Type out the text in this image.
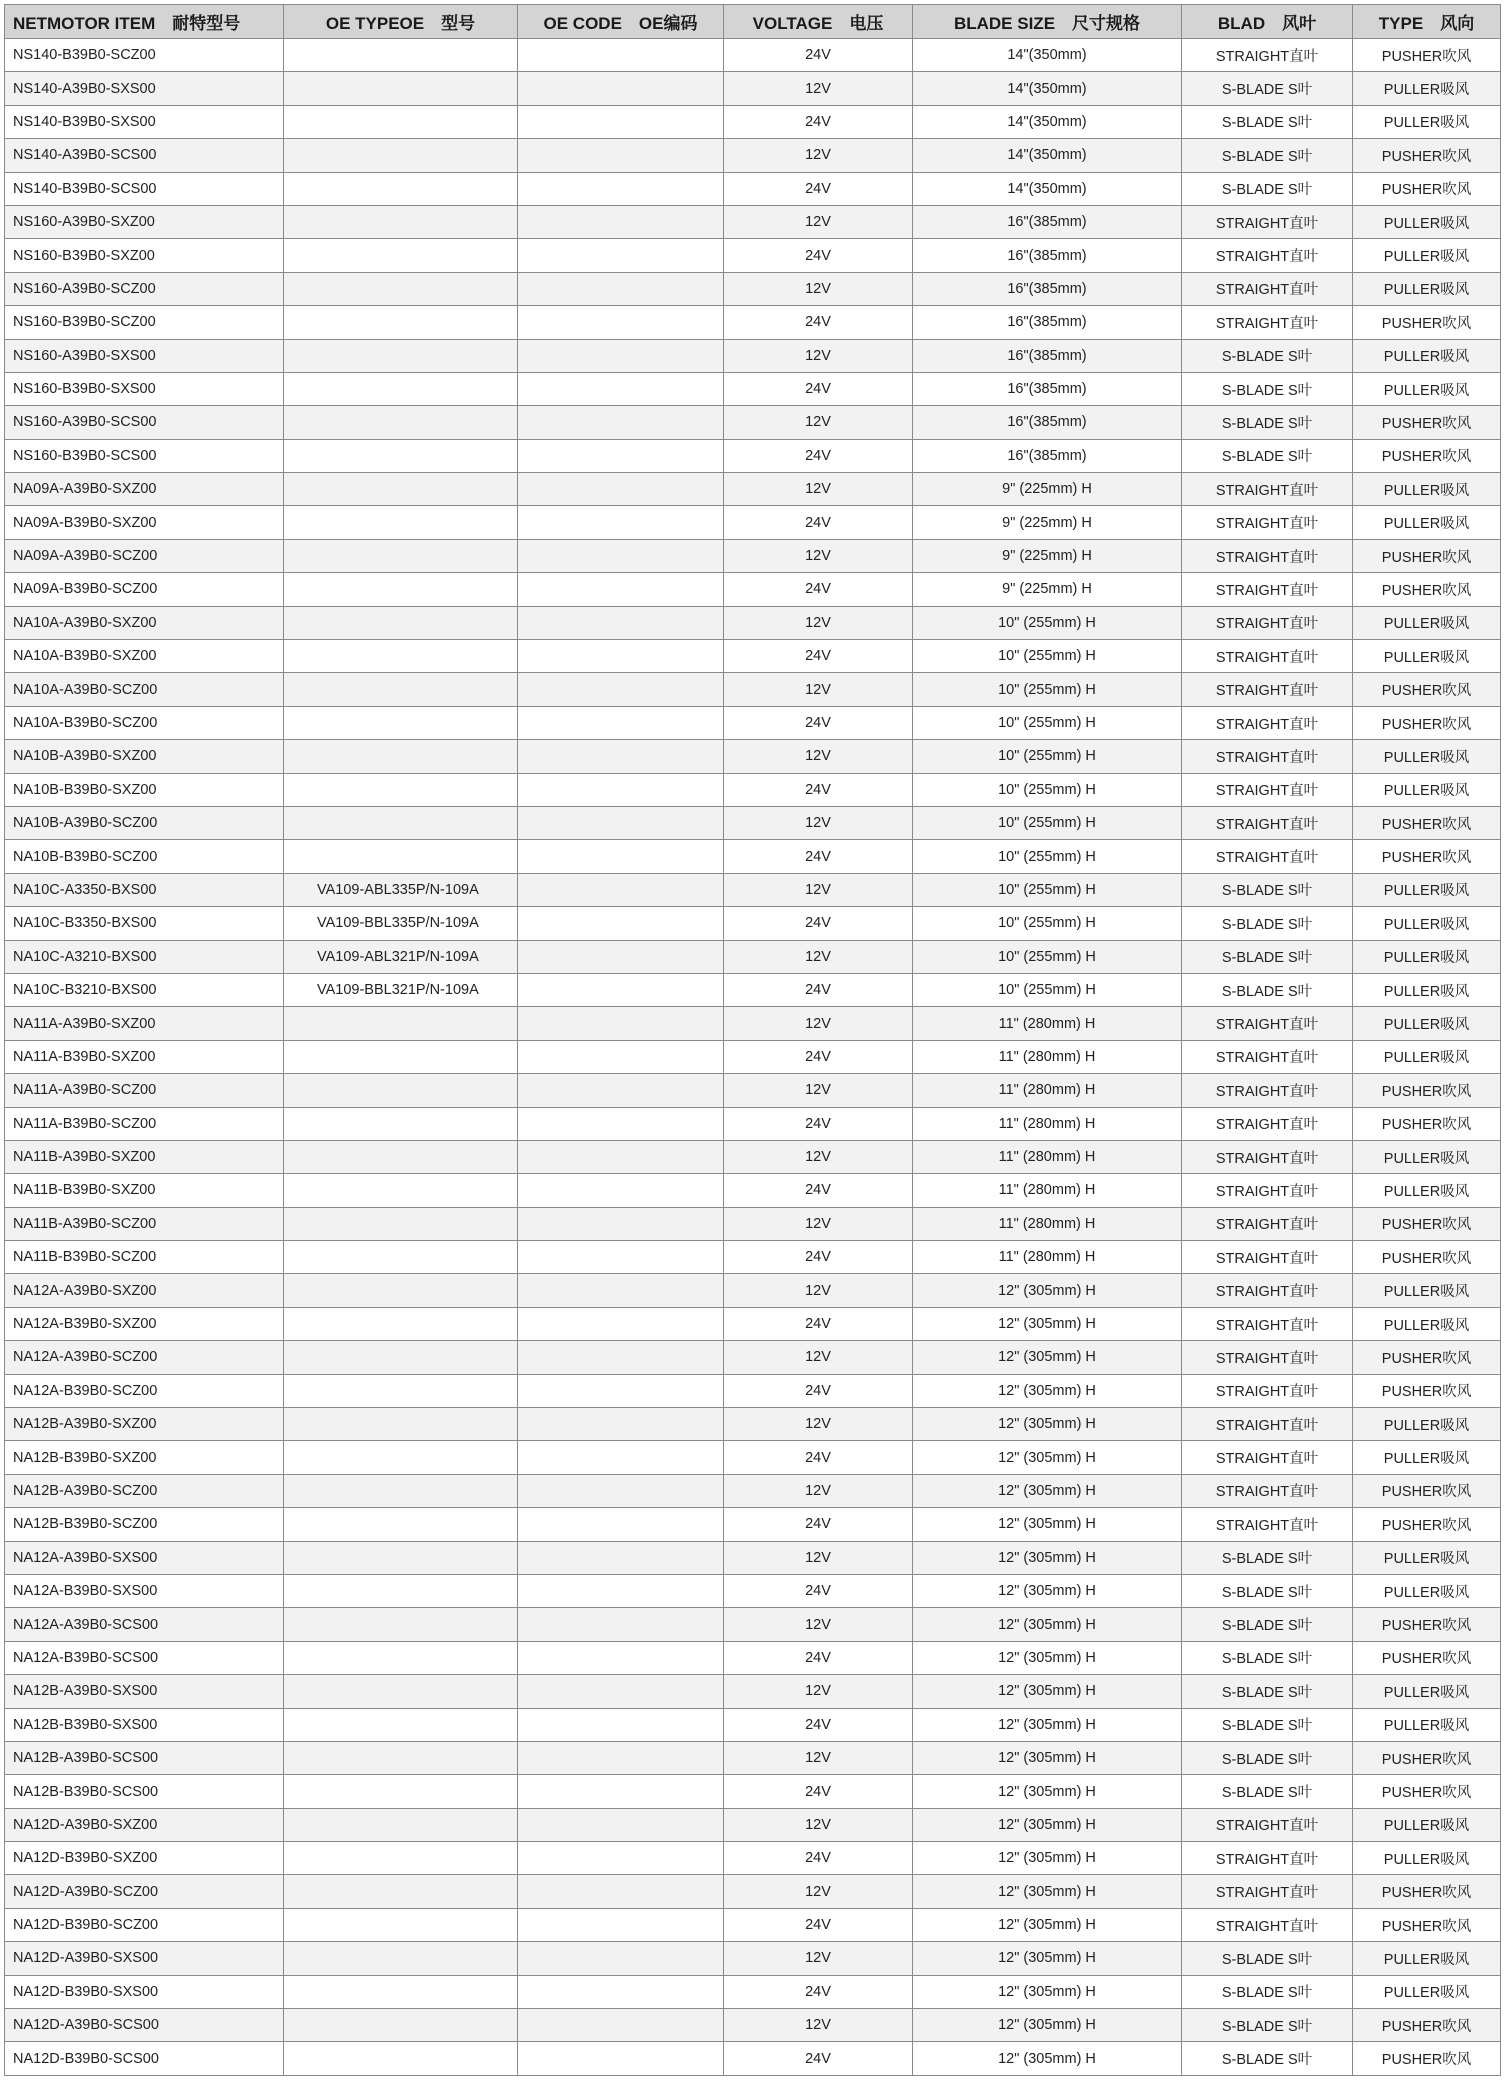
NETMOTOR ITEM　耐特型号	OE TYPEOE　型号	OE CODE　OE编码	VOLTAGE　电压	BLADE SIZE　尺寸规格	BLAD　风叶	TYPE　风向
NS140-B39B0-SCZ00			24V	14"(350mm)	STRAIGHT直叶	PUSHER吹风
NS140-A39B0-SXS00			12V	14"(350mm)	S-BLADE S叶	PULLER吸风
NS140-B39B0-SXS00			24V	14"(350mm)	S-BLADE S叶	PULLER吸风
NS140-A39B0-SCS00			12V	14"(350mm)	S-BLADE S叶	PUSHER吹风
NS140-B39B0-SCS00			24V	14"(350mm)	S-BLADE S叶	PUSHER吹风
NS160-A39B0-SXZ00			12V	16"(385mm)	STRAIGHT直叶	PULLER吸风
NS160-B39B0-SXZ00			24V	16"(385mm)	STRAIGHT直叶	PULLER吸风
NS160-A39B0-SCZ00			12V	16"(385mm)	STRAIGHT直叶	PULLER吸风
NS160-B39B0-SCZ00			24V	16"(385mm)	STRAIGHT直叶	PUSHER吹风
NS160-A39B0-SXS00			12V	16"(385mm)	S-BLADE S叶	PULLER吸风
NS160-B39B0-SXS00			24V	16"(385mm)	S-BLADE S叶	PULLER吸风
NS160-A39B0-SCS00			12V	16"(385mm)	S-BLADE S叶	PUSHER吹风
NS160-B39B0-SCS00			24V	16"(385mm)	S-BLADE S叶	PUSHER吹风
NA09A-A39B0-SXZ00			12V	9" (225mm) H	STRAIGHT直叶	PULLER吸风
NA09A-B39B0-SXZ00			24V	9" (225mm) H	STRAIGHT直叶	PULLER吸风
NA09A-A39B0-SCZ00			12V	9" (225mm) H	STRAIGHT直叶	PUSHER吹风
NA09A-B39B0-SCZ00			24V	9" (225mm) H	STRAIGHT直叶	PUSHER吹风
NA10A-A39B0-SXZ00			12V	10" (255mm) H	STRAIGHT直叶	PULLER吸风
NA10A-B39B0-SXZ00			24V	10" (255mm) H	STRAIGHT直叶	PULLER吸风
NA10A-A39B0-SCZ00			12V	10" (255mm) H	STRAIGHT直叶	PUSHER吹风
NA10A-B39B0-SCZ00			24V	10" (255mm) H	STRAIGHT直叶	PUSHER吹风
NA10B-A39B0-SXZ00			12V	10" (255mm) H	STRAIGHT直叶	PULLER吸风
NA10B-B39B0-SXZ00			24V	10" (255mm) H	STRAIGHT直叶	PULLER吸风
NA10B-A39B0-SCZ00			12V	10" (255mm) H	STRAIGHT直叶	PUSHER吹风
NA10B-B39B0-SCZ00			24V	10" (255mm) H	STRAIGHT直叶	PUSHER吹风
NA10C-A3350-BXS00	VA109-ABL335P/N-109A		12V	10" (255mm) H	S-BLADE S叶	PULLER吸风
NA10C-B3350-BXS00	VA109-BBL335P/N-109A		24V	10" (255mm) H	S-BLADE S叶	PULLER吸风
NA10C-A3210-BXS00	VA109-ABL321P/N-109A		12V	10" (255mm) H	S-BLADE S叶	PULLER吸风
NA10C-B3210-BXS00	VA109-BBL321P/N-109A		24V	10" (255mm) H	S-BLADE S叶	PULLER吸风
NA11A-A39B0-SXZ00			12V	11" (280mm) H	STRAIGHT直叶	PULLER吸风
NA11A-B39B0-SXZ00			24V	11" (280mm) H	STRAIGHT直叶	PULLER吸风
NA11A-A39B0-SCZ00			12V	11" (280mm) H	STRAIGHT直叶	PUSHER吹风
NA11A-B39B0-SCZ00			24V	11" (280mm) H	STRAIGHT直叶	PUSHER吹风
NA11B-A39B0-SXZ00			12V	11" (280mm) H	STRAIGHT直叶	PULLER吸风
NA11B-B39B0-SXZ00			24V	11" (280mm) H	STRAIGHT直叶	PULLER吸风
NA11B-A39B0-SCZ00			12V	11" (280mm) H	STRAIGHT直叶	PUSHER吹风
NA11B-B39B0-SCZ00			24V	11" (280mm) H	STRAIGHT直叶	PUSHER吹风
NA12A-A39B0-SXZ00			12V	12" (305mm) H	STRAIGHT直叶	PULLER吸风
NA12A-B39B0-SXZ00			24V	12" (305mm) H	STRAIGHT直叶	PULLER吸风
NA12A-A39B0-SCZ00			12V	12" (305mm) H	STRAIGHT直叶	PUSHER吹风
NA12A-B39B0-SCZ00			24V	12" (305mm) H	STRAIGHT直叶	PUSHER吹风
NA12B-A39B0-SXZ00			12V	12" (305mm) H	STRAIGHT直叶	PULLER吸风
NA12B-B39B0-SXZ00			24V	12" (305mm) H	STRAIGHT直叶	PULLER吸风
NA12B-A39B0-SCZ00			12V	12" (305mm) H	STRAIGHT直叶	PUSHER吹风
NA12B-B39B0-SCZ00			24V	12" (305mm) H	STRAIGHT直叶	PUSHER吹风
NA12A-A39B0-SXS00			12V	12" (305mm) H	S-BLADE S叶	PULLER吸风
NA12A-B39B0-SXS00			24V	12" (305mm) H	S-BLADE S叶	PULLER吸风
NA12A-A39B0-SCS00			12V	12" (305mm) H	S-BLADE S叶	PUSHER吹风
NA12A-B39B0-SCS00			24V	12" (305mm) H	S-BLADE S叶	PUSHER吹风
NA12B-A39B0-SXS00			12V	12" (305mm) H	S-BLADE S叶	PULLER吸风
NA12B-B39B0-SXS00			24V	12" (305mm) H	S-BLADE S叶	PULLER吸风
NA12B-A39B0-SCS00			12V	12" (305mm) H	S-BLADE S叶	PUSHER吹风
NA12B-B39B0-SCS00			24V	12" (305mm) H	S-BLADE S叶	PUSHER吹风
NA12D-A39B0-SXZ00			12V	12" (305mm) H	STRAIGHT直叶	PULLER吸风
NA12D-B39B0-SXZ00			24V	12" (305mm) H	STRAIGHT直叶	PULLER吸风
NA12D-A39B0-SCZ00			12V	12" (305mm) H	STRAIGHT直叶	PUSHER吹风
NA12D-B39B0-SCZ00			24V	12" (305mm) H	STRAIGHT直叶	PUSHER吹风
NA12D-A39B0-SXS00			12V	12" (305mm) H	S-BLADE S叶	PULLER吸风
NA12D-B39B0-SXS00			24V	12" (305mm) H	S-BLADE S叶	PULLER吸风
NA12D-A39B0-SCS00			12V	12" (305mm) H	S-BLADE S叶	PUSHER吹风
NA12D-B39B0-SCS00			24V	12" (305mm) H	S-BLADE S叶	PUSHER吹风
